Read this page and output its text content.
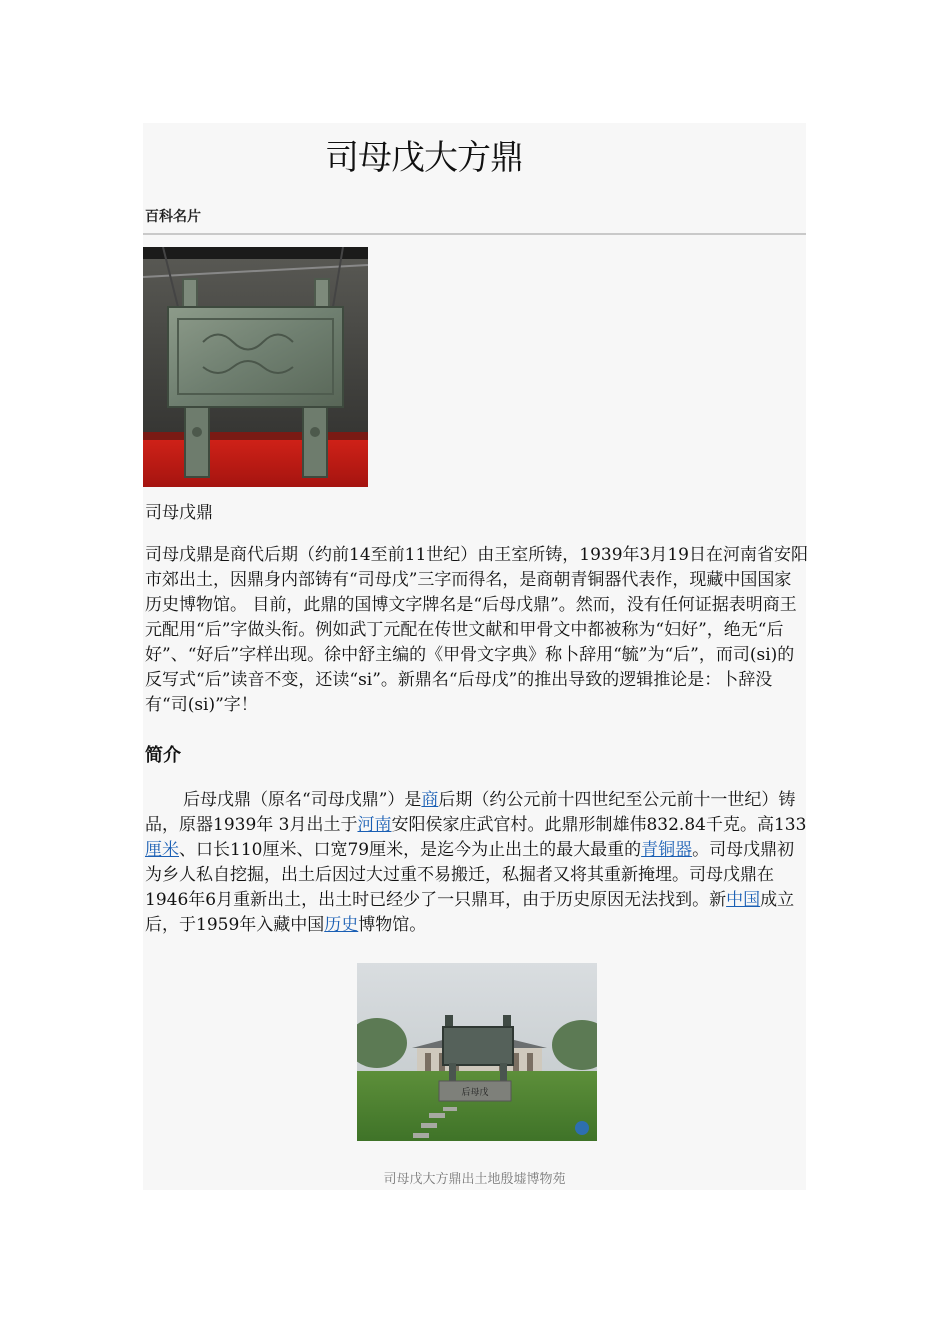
司母戊大方鼎
百科名片
司母戊鼎

司母戊鼎是商代后期（约前14至前11世纪）由王室所铸，1939年3月19日在河南省安阳市郊出土，因鼎身内部铸有“司母戊”三字而得名，是商朝青铜器代表作，现藏中国国家历史博物馆。 目前，此鼎的国博文字牌名是“后母戊鼎”。然而，没有任何证据表明商王元配用“后”字做头衔。例如武丁元配在传世文献和甲骨文中都被称为“妇好”，绝无“后好”、“好后”字样出现。徐中舒主编的《甲骨文字典》称卜辞用“毓”为“后”，而司(si)的反写式“后”读音不变，还读“si”。新鼎名“后母戊”的推出导致的逻辑推论是：卜辞没有“司(si)”字！

简介

后母戊鼎（原名“司母戊鼎”）是商后期（约公元前十四世纪至公元前十一世纪）铸品，原器1939年 3月出土于河南安阳侯家庄武官村。此鼎形制雄伟832.84千克。高133厘米、口长110厘米、口宽79厘米，是迄今为止出土的最大最重的青铜器。司母戊鼎初为乡人私自挖掘，出土后因过大过重不易搬迁，私掘者又将其重新掩埋。司母戊鼎在1946年6月重新出土，出土时已经少了一只鼎耳，由于历史原因无法找到。新中国成立后，于1959年入藏中国历史博物馆。

后母戊
司母戊大方鼎出土地殷墟博物苑
